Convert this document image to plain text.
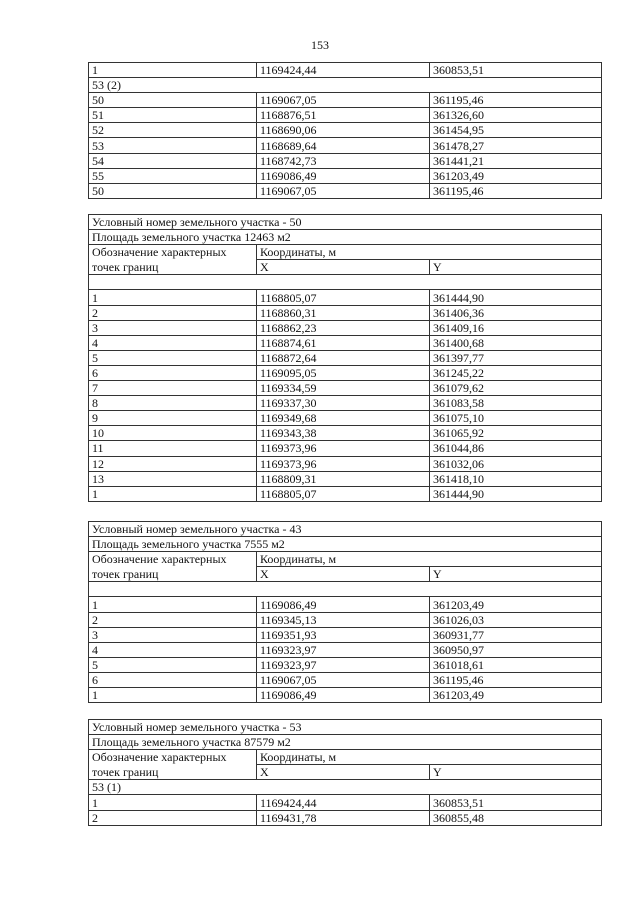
153
1	1169424,44	360853,51
53 (2)		
50	1169067,05	361195,46
51	1168876,51	361326,60
52	1168690,06	361454,95
53	1168689,64	361478,27
54	1168742,73	361441,21
55	1169086,49	361203,49
50	1169067,05	361195,46
Условный номер земельного участка - 50		
Площадь земельного участка 12463 м2		
Обозначение характерных	Координаты, м	
точек границ	X	Y

1	1168805,07	361444,90
2	1168860,31	361406,36
3	1168862,23	361409,16
4	1168874,61	361400,68
5	1168872,64	361397,77
6	1169095,05	361245,22
7	1169334,59	361079,62
8	1169337,30	361083,58
9	1169349,68	361075,10
10	1169343,38	361065,92
11	1169373,96	361044,86
12	1169373,96	361032,06
13	1168809,31	361418,10
1	1168805,07	361444,90
Условный номер земельного участка - 43		
Площадь земельного участка 7555 м2		
Обозначение характерных	Координаты, м	
точек границ	X	Y

1	1169086,49	361203,49
2	1169345,13	361026,03
3	1169351,93	360931,77
4	1169323,97	360950,97
5	1169323,97	361018,61
6	1169067,05	361195,46
1	1169086,49	361203,49
Условный номер земельного участка - 53		
Площадь земельного участка 87579 м2		
Обозначение характерных	Координаты, м	
точек границ	X	Y
53 (1)		
1	1169424,44	360853,51
2	1169431,78	360855,48
